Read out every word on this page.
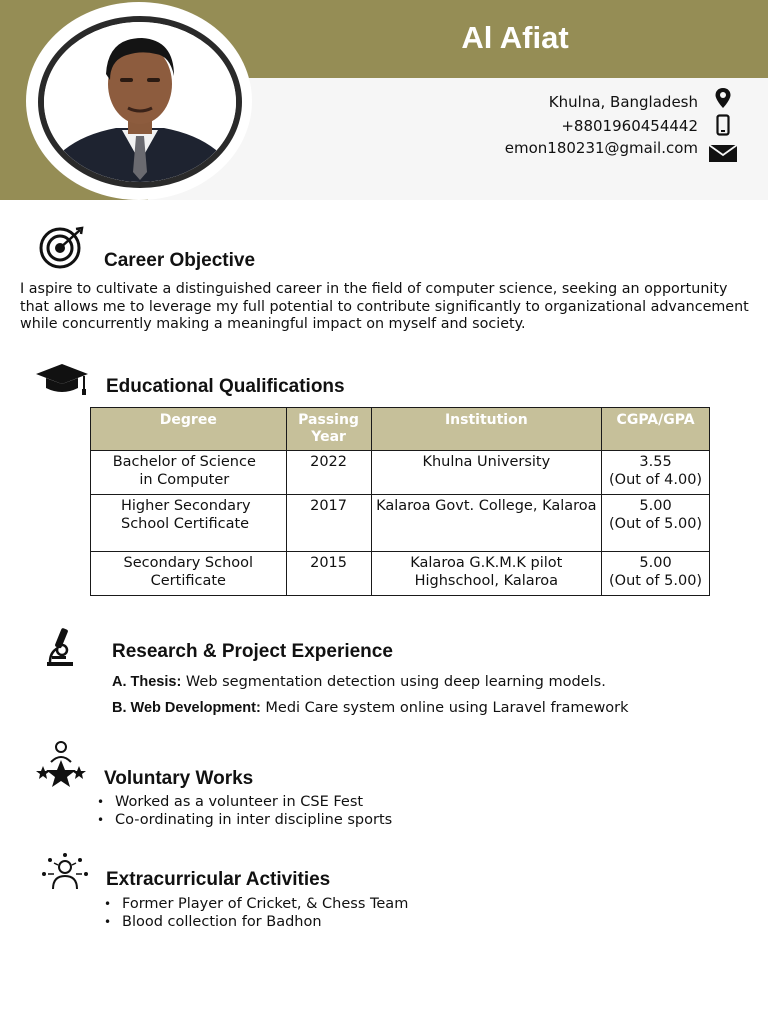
Al Afiat
Khulna, Bangladesh
+8801960454442
emon180231@gmail.com
Career Objective
I aspire to cultivate a distinguished career in the field of computer science, seeking an opportunity that allows me to leverage my full potential to contribute significantly to organizational advancement while concurrently making a meaningful impact on myself and society.
Educational Qualifications
Degree	Passing Year	Institution	CGPA/GPA
Bachelor of Science in Computer	2022	Khulna University	3.55
(Out of 4.00)

Higher Secondary School Certificate	2017	Kalaroa Govt. College, Kalaroa	5.00
(Out of 5.00)

Secondary School Certificate	2015	Kalaroa G.K.M.K pilot Highschool, Kalaroa	5.00
(Out of 5.00)
Research & Project Experience
A. Thesis: Web segmentation detection using deep learning models.
B. Web Development: Medi Care system online using Laravel framework
Voluntary Works
• Worked as a volunteer in CSE Fest
• Co-ordinating in inter discipline sports
Extracurricular Activities
• Former Player of Cricket, & Chess Team
• Blood collection for Badhon
